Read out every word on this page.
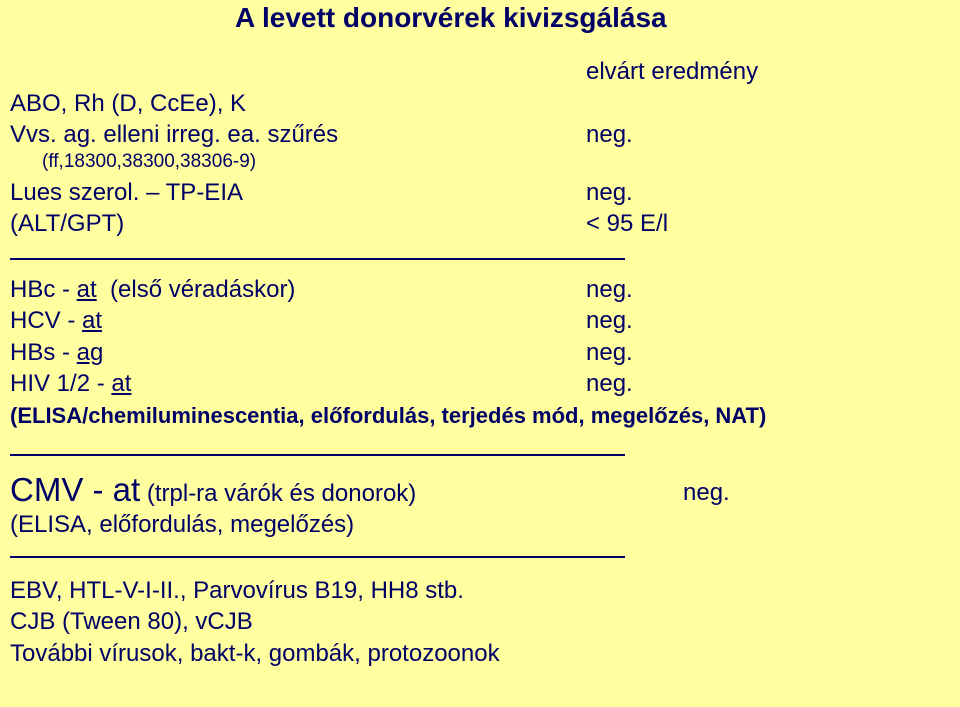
A levett donorvérek kivizsgálása
elvárt eredmény
ABO, Rh (D, CcEe), K
Vvs. ag. elleni irreg. ea. szűrés	neg.
(ff,18300,38300,38306-9)
Lues szerol. – TP-EIA	neg.
(ALT/GPT)	< 95 E/l
HBc - at  (első véradáskor)	neg.
HCV - at	neg.
HBs - ag	neg.
HIV 1/2 - at	neg.
(ELISA/chemiluminescentia, előfordulás, terjedés mód, megelőzés, NAT)
CMV - at (trpl-ra várók és donorok)	neg.
(ELISA, előfordulás, megelőzés)
EBV, HTL-V-I-II., Parvovírus B19, HH8 stb.
CJB (Tween 80), vCJB
További vírusok, bakt-k, gombák, protozoonok
